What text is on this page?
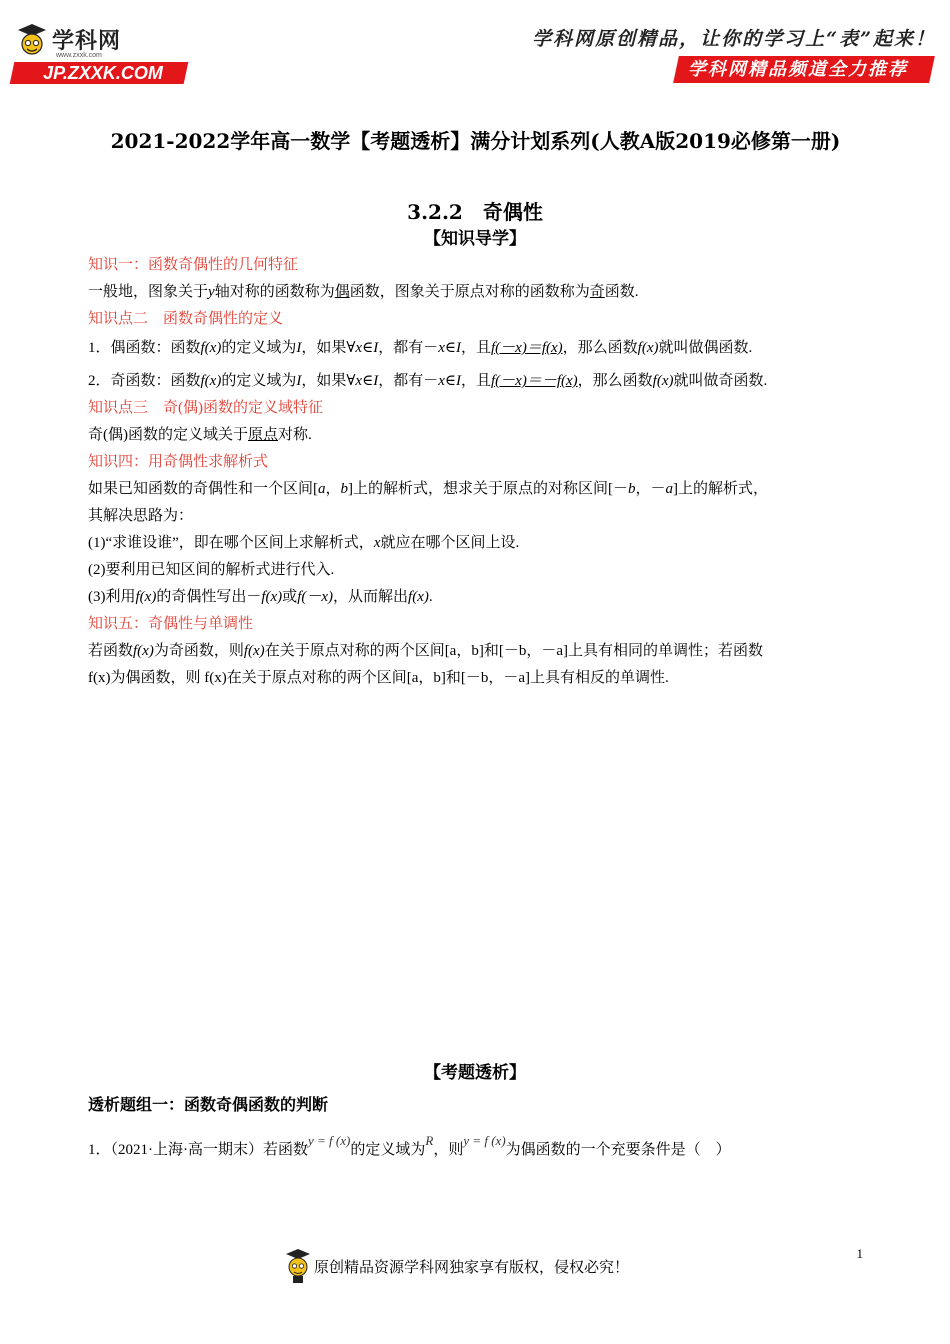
学科网
www.zxxk.com
JP.ZXXK.COM
学科网原创精品，让你的学习上“表”起来！
学科网精品频道全力推荐
2021-2022学年高一数学【考题透析】满分计划系列(人教A版2019必修第一册)
3.2.2　奇偶性
【知识导学】
知识一：函数奇偶性的几何特征
一般地，图象关于y轴对称的函数称为偶函数，图象关于原点对称的函数称为奇函数.
知识点二　函数奇偶性的定义
1．偶函数：函数f(x)的定义域为I，如果∀x∈I，都有－x∈I，且f(－x)＝f(x)，那么函数f(x)就叫做偶函数.
2．奇函数：函数f(x)的定义域为I，如果∀x∈I，都有－x∈I，且f(－x)＝－f(x)，那么函数f(x)就叫做奇函数.
知识点三　奇(偶)函数的定义域特征
奇(偶)函数的定义域关于原点对称.
知识四：用奇偶性求解析式
如果已知函数的奇偶性和一个区间[a，b]上的解析式，想求关于原点的对称区间[－b，－a]上的解析式，
其解决思路为：
(1)“求谁设谁”，即在哪个区间上求解析式，x就应在哪个区间上设.
(2)要利用已知区间的解析式进行代入.
(3)利用f(x)的奇偶性写出－f(x)或f(－x)，从而解出f(x).
知识五：奇偶性与单调性
若函数f(x)为奇函数，则f(x)在关于原点对称的两个区间[a，b]和[－b，－a]上具有相同的单调性；若函数
f(x)为偶函数，则 f(x)在关于原点对称的两个区间[a，b]和[－b，－a]上具有相反的单调性.
【考题透析】
透析题组一：函数奇偶函数的判断
1．（2021·上海·高一期末）若函数y = f (x)的定义域为R，则y = f (x)为偶函数的一个充要条件是（　）
1
原创精品资源学科网独家享有版权，侵权必究！
